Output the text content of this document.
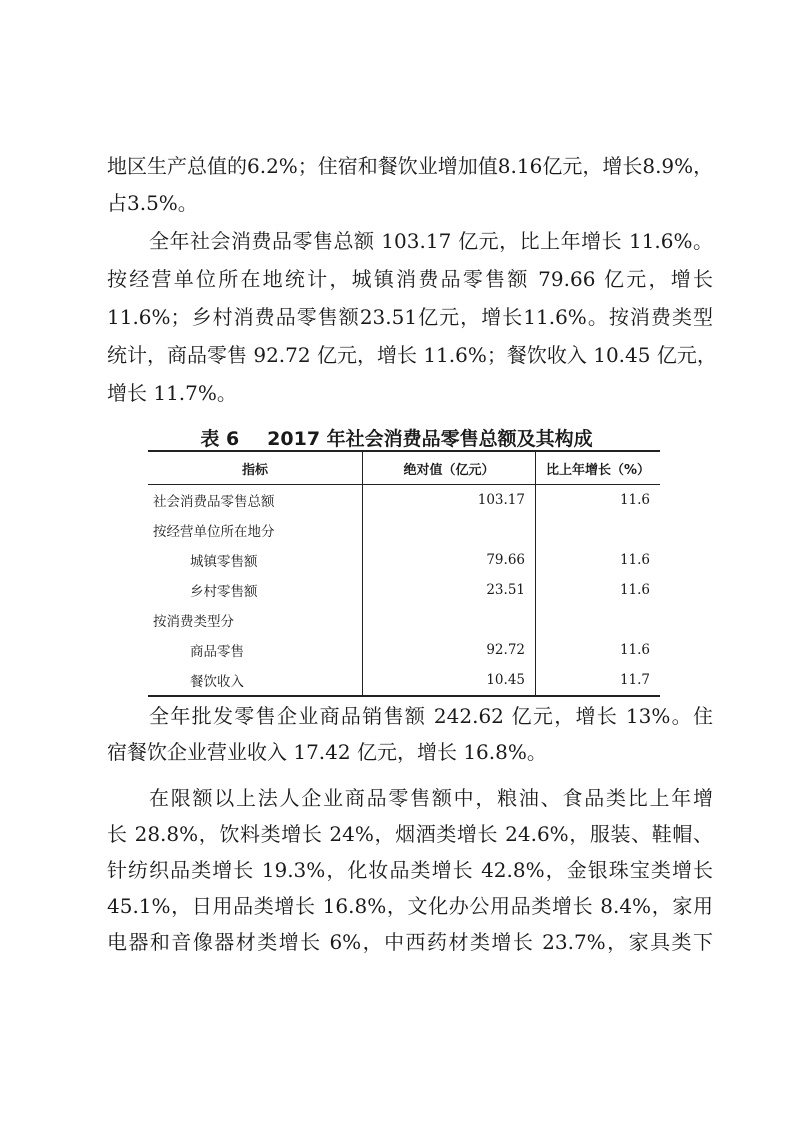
地区生产总值的6.2%；住宿和餐饮业增加值8.16亿元，增长8.9%，
占3.5%。
全年社会消费品零售总额 103.17 亿元，比上年增长 11.6%。
按经营单位所在地统计，城镇消费品零售额 79.66 亿元，增长
11.6%；乡村消费品零售额23.51亿元，增长11.6%。按消费类型
统计，商品零售 92.72 亿元，增长 11.6%；餐饮收入 10.45 亿元，
增长 11.7%。
表 6 2017 年社会消费品零售总额及其构成
指标	绝对值（亿元）	比上年增长（%）
社会消费品零售总额	103.17	11.6
按经营单位所在地分		
城镇零售额	79.66	11.6
乡村零售额	23.51	11.6
按消费类型分		
商品零售	92.72	11.6
餐饮收入	10.45	11.7
全年批发零售企业商品销售额 242.62 亿元，增长 13%。住
宿餐饮企业营业收入 17.42 亿元，增长 16.8%。
在限额以上法人企业商品零售额中，粮油、食品类比上年增
长 28.8%，饮料类增长 24%，烟酒类增长 24.6%，服装、鞋帽、
针纺织品类增长 19.3%，化妆品类增长 42.8%，金银珠宝类增长
45.1%，日用品类增长 16.8%，文化办公用品类增长 8.4%，家用
电器和音像器材类增长 6%，中西药材类增长 23.7%，家具类下
